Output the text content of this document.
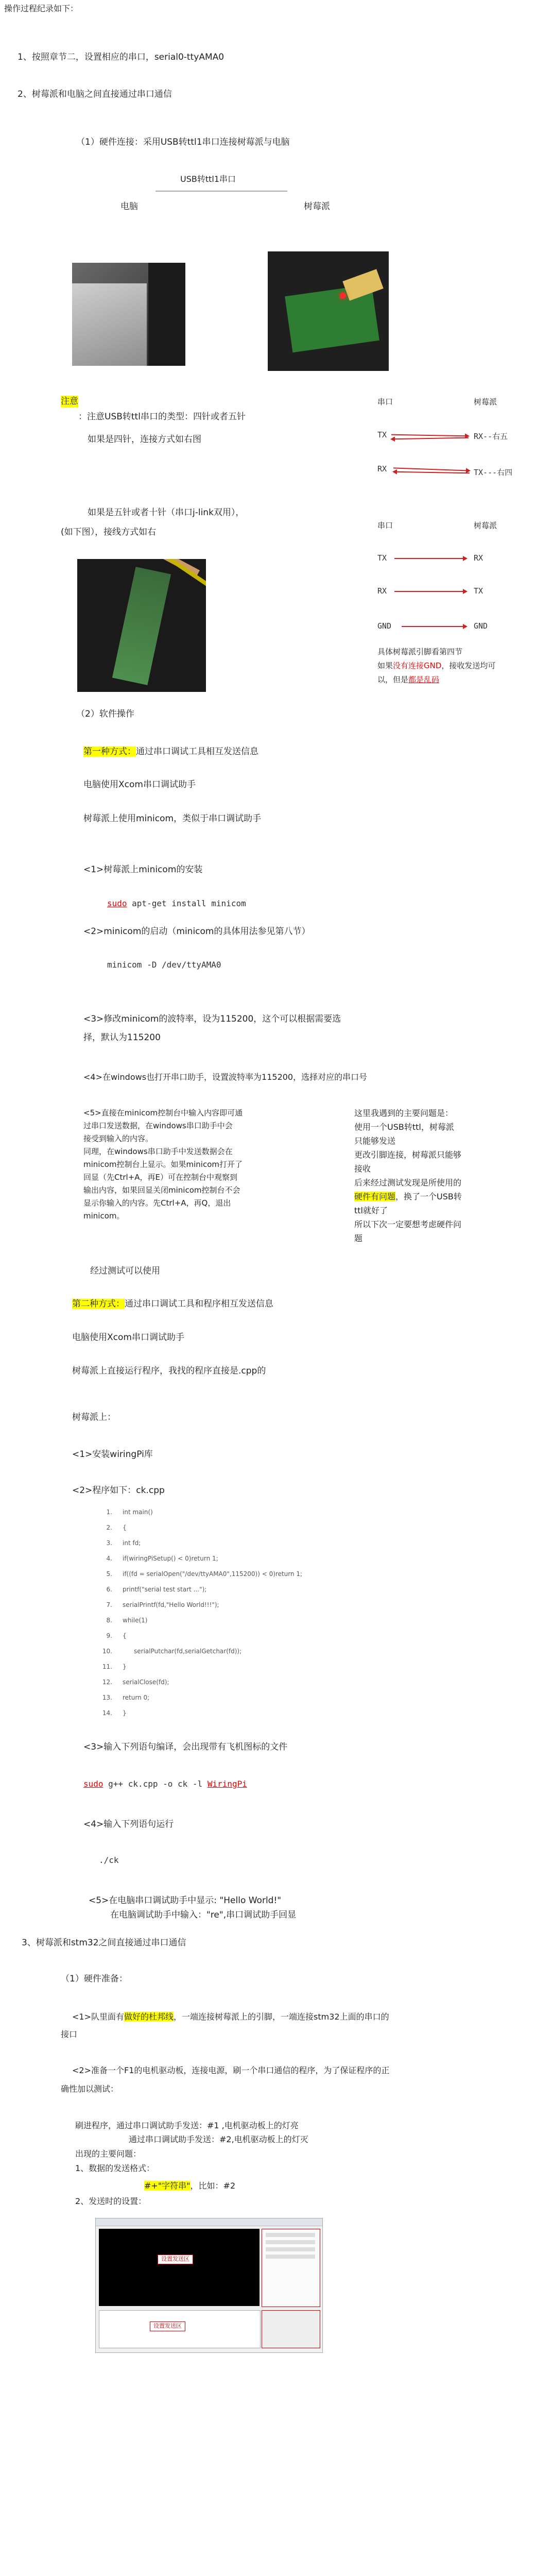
操作过程纪录如下：
1、按照章节二，设置相应的串口，serial0-ttyAMA0
2、树莓派和电脑之间直接通过串口通信
（1）硬件连接：采用USB转ttl1串口连接树莓派与电脑
USB转ttl1串口
电脑	树莓派
注意
：注意USB转ttl串口的类型：四针或者五针
如果是四针，连接方式如右图
如果是五针或者十针（串口j-link双用），
(如下图），接线方式如右
串口	树莓派
TX	RX--右五
RX	TX---右四
串口	树莓派
TX	RX
RX	TX
GND	GND
具体树莓派引脚看第四节
如果没有连接GND，接收发送均可
以，但是都是乱码
（2）软件操作
第一种方式：通过串口调试工具相互发送信息
电脑使用Xcom串口调试助手
树莓派上使用minicom，类似于串口调试助手
<1>树莓派上minicom的安装
sudo apt-get install minicom
<2>minicom的启动（minicom的具体用法参见第八节）
minicom -D /dev/ttyAMA0
<3>修改minicom的波特率，设为115200，这个可以根据需要选
择，默认为115200
<4>在windows也打开串口助手，设置波特率为115200，选择对应的串口号
<5>直接在minicom控制台中输入内容即可通
过串口发送数据，在windows串口助手中会
接受到输入的内容。
同理，在windows串口助手中发送数据会在
minicom控制台上显示。如果minicom打开了
回显（先Ctrl+A，再E）可在控制台中观察到
输出内容，如果回显关闭minicom控制台不会
显示你输入的内容。先Ctrl+A，再Q，退出
minicom。
这里我遇到的主要问题是：
使用一个USB转ttl，树莓派
只能够发送
更改引脚连接，树莓派只能够
接收
后来经过测试发现是所使用的
硬件有问题，换了一个USB转
ttl就好了
所以下次一定要想考虑硬件问
题
经过测试可以使用
第二种方式：通过串口调试工具和程序相互发送信息
电脑使用Xcom串口调试助手
树莓派上直接运行程序，我找的程序直接是.cpp的
树莓派上：
<1>安装wiringPi库
<2>程序如下：ck.cpp
1. int main()
2. {
3. int fd;
4. if(wiringPiSetup() < 0)return 1;
5. if((fd = serialOpen("/dev/ttyAMA0",115200)) < 0)return 1;
6. printf("serial test start ...");
7. serialPrintf(fd,"Hello World!!!");
8. while(1)
9. {
10.	serialPutchar(fd,serialGetchar(fd));
11. }
12. serialClose(fd);
13. return 0;
14. }
<3>输入下列语句编译，会出现带有飞机图标的文件
sudo g++ ck.cpp -o ck -l WiringPi
<4>输入下列语句运行
./ck
<5>在电脑串口调试助手中显示: "Hello World!"
在电脑调试助手中输入："re",串口调试助手回显
3、树莓派和stm32之间直接通过串口通信
（1）硬件准备：
<1>队里面有做好的杜邦线，一端连接树莓派上的引脚，一端连接stm32上面的串口的
接口
<2>准备一个F1的电机驱动板，连接电源，刷一个串口通信的程序，为了保证程序的正
确性加以测试：
刷进程序，通过串口调试助手发送：#1 ,电机驱动板上的灯亮
通过串口调试助手发送：#2,电机驱动板上的灯灭
出现的主要问题：
1、数据的发送格式：
#+"字符串"，比如：#2
2、发送时的设置：
设置发送区
设置发送区
